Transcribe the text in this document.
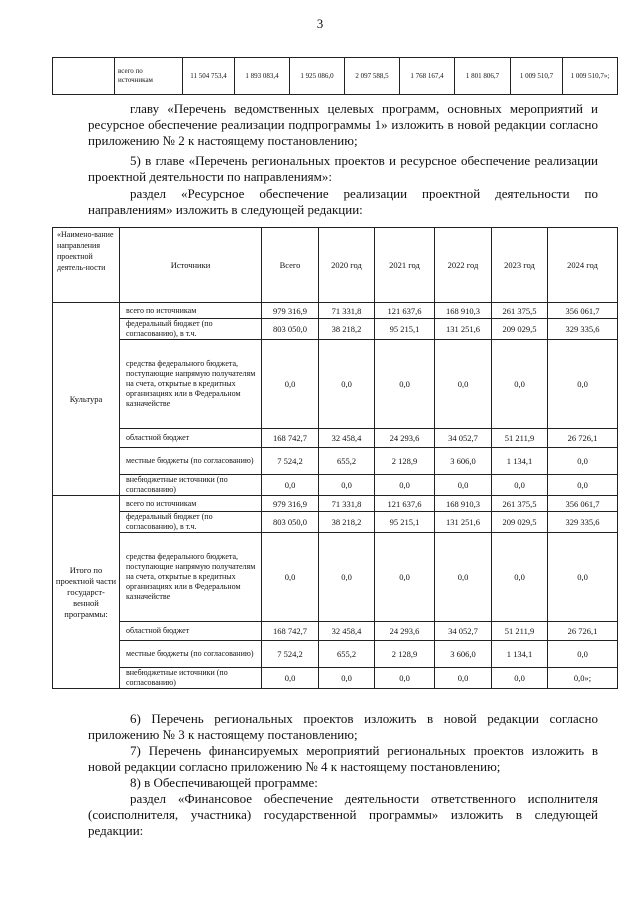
3
	всего по источникам	11 504 753,4	1 893 083,4	1 925 086,0	2 097 588,5	1 768 167,4	1 801 806,7	1 009 510,7	1 009 510,7»;

главу «Перечень ведомственных целевых программ, основных мероприятий и ресурсное обеспечение реализации подпрограммы 1» изложить в новой редакции согласно приложению № 2 к настоящему постановлению;

5) в главе «Перечень региональных проектов и ресурсное обеспечение реализации проектной деятельности по направлениям»:

раздел «Ресурсное обеспечение реализации проектной деятельности по направлениям» изложить в следующей редакции:

«Наимено-вание направления проектной деятель-ности	Источники	Всего	2020 год	2021 год	2022 год	2023 год	2024 год
Культура	всего по источникам	979 316,9	71 331,8	121 637,6	168 910,3	261 375,5	356 061,7
	федеральный бюджет (по согласованию), в т.ч.	803 050,0	38 218,2	95 215,1	131 251,6	209 029,5	329 335,6
	средства федерального бюджета, поступающие напрямую получателям на счета, открытые в кредитных организациях или в Федеральном казначействе	0,0	0,0	0,0	0,0	0,0	0,0
	областной бюджет	168 742,7	32 458,4	24 293,6	34 052,7	51 211,9	26 726,1
	местные бюджеты (по согласованию)	7 524,2	655,2	2 128,9	3 606,0	1 134,1	0,0
	внебюджетные источники (по согласованию)	0,0	0,0	0,0	0,0	0,0	0,0
Итого по проектной части государст-венной программы:	всего по источникам	979 316,9	71 331,8	121 637,6	168 910,3	261 375,5	356 061,7
	федеральный бюджет (по согласованию), в т.ч.	803 050,0	38 218,2	95 215,1	131 251,6	209 029,5	329 335,6
	средства федерального бюджета, поступающие напрямую получателям на счета, открытые в кредитных организациях или в Федеральном казначействе	0,0	0,0	0,0	0,0	0,0	0,0
	областной бюджет	168 742,7	32 458,4	24 293,6	34 052,7	51 211,9	26 726,1
	местные бюджеты (по согласованию)	7 524,2	655,2	2 128,9	3 606,0	1 134,1	0,0
	внебюджетные источники (по согласованию)	0,0	0,0	0,0	0,0	0,0	0,0»;

6) Перечень региональных проектов изложить в новой редакции согласно приложению № 3 к настоящему постановлению;

7) Перечень финансируемых мероприятий региональных проектов изложить в новой редакции согласно приложению № 4 к настоящему постановлению;

8) в Обеспечивающей программе:

раздел «Финансовое обеспечение деятельности ответственного исполнителя (соисполнителя, участника) государственной программы» изложить в следующей редакции:
